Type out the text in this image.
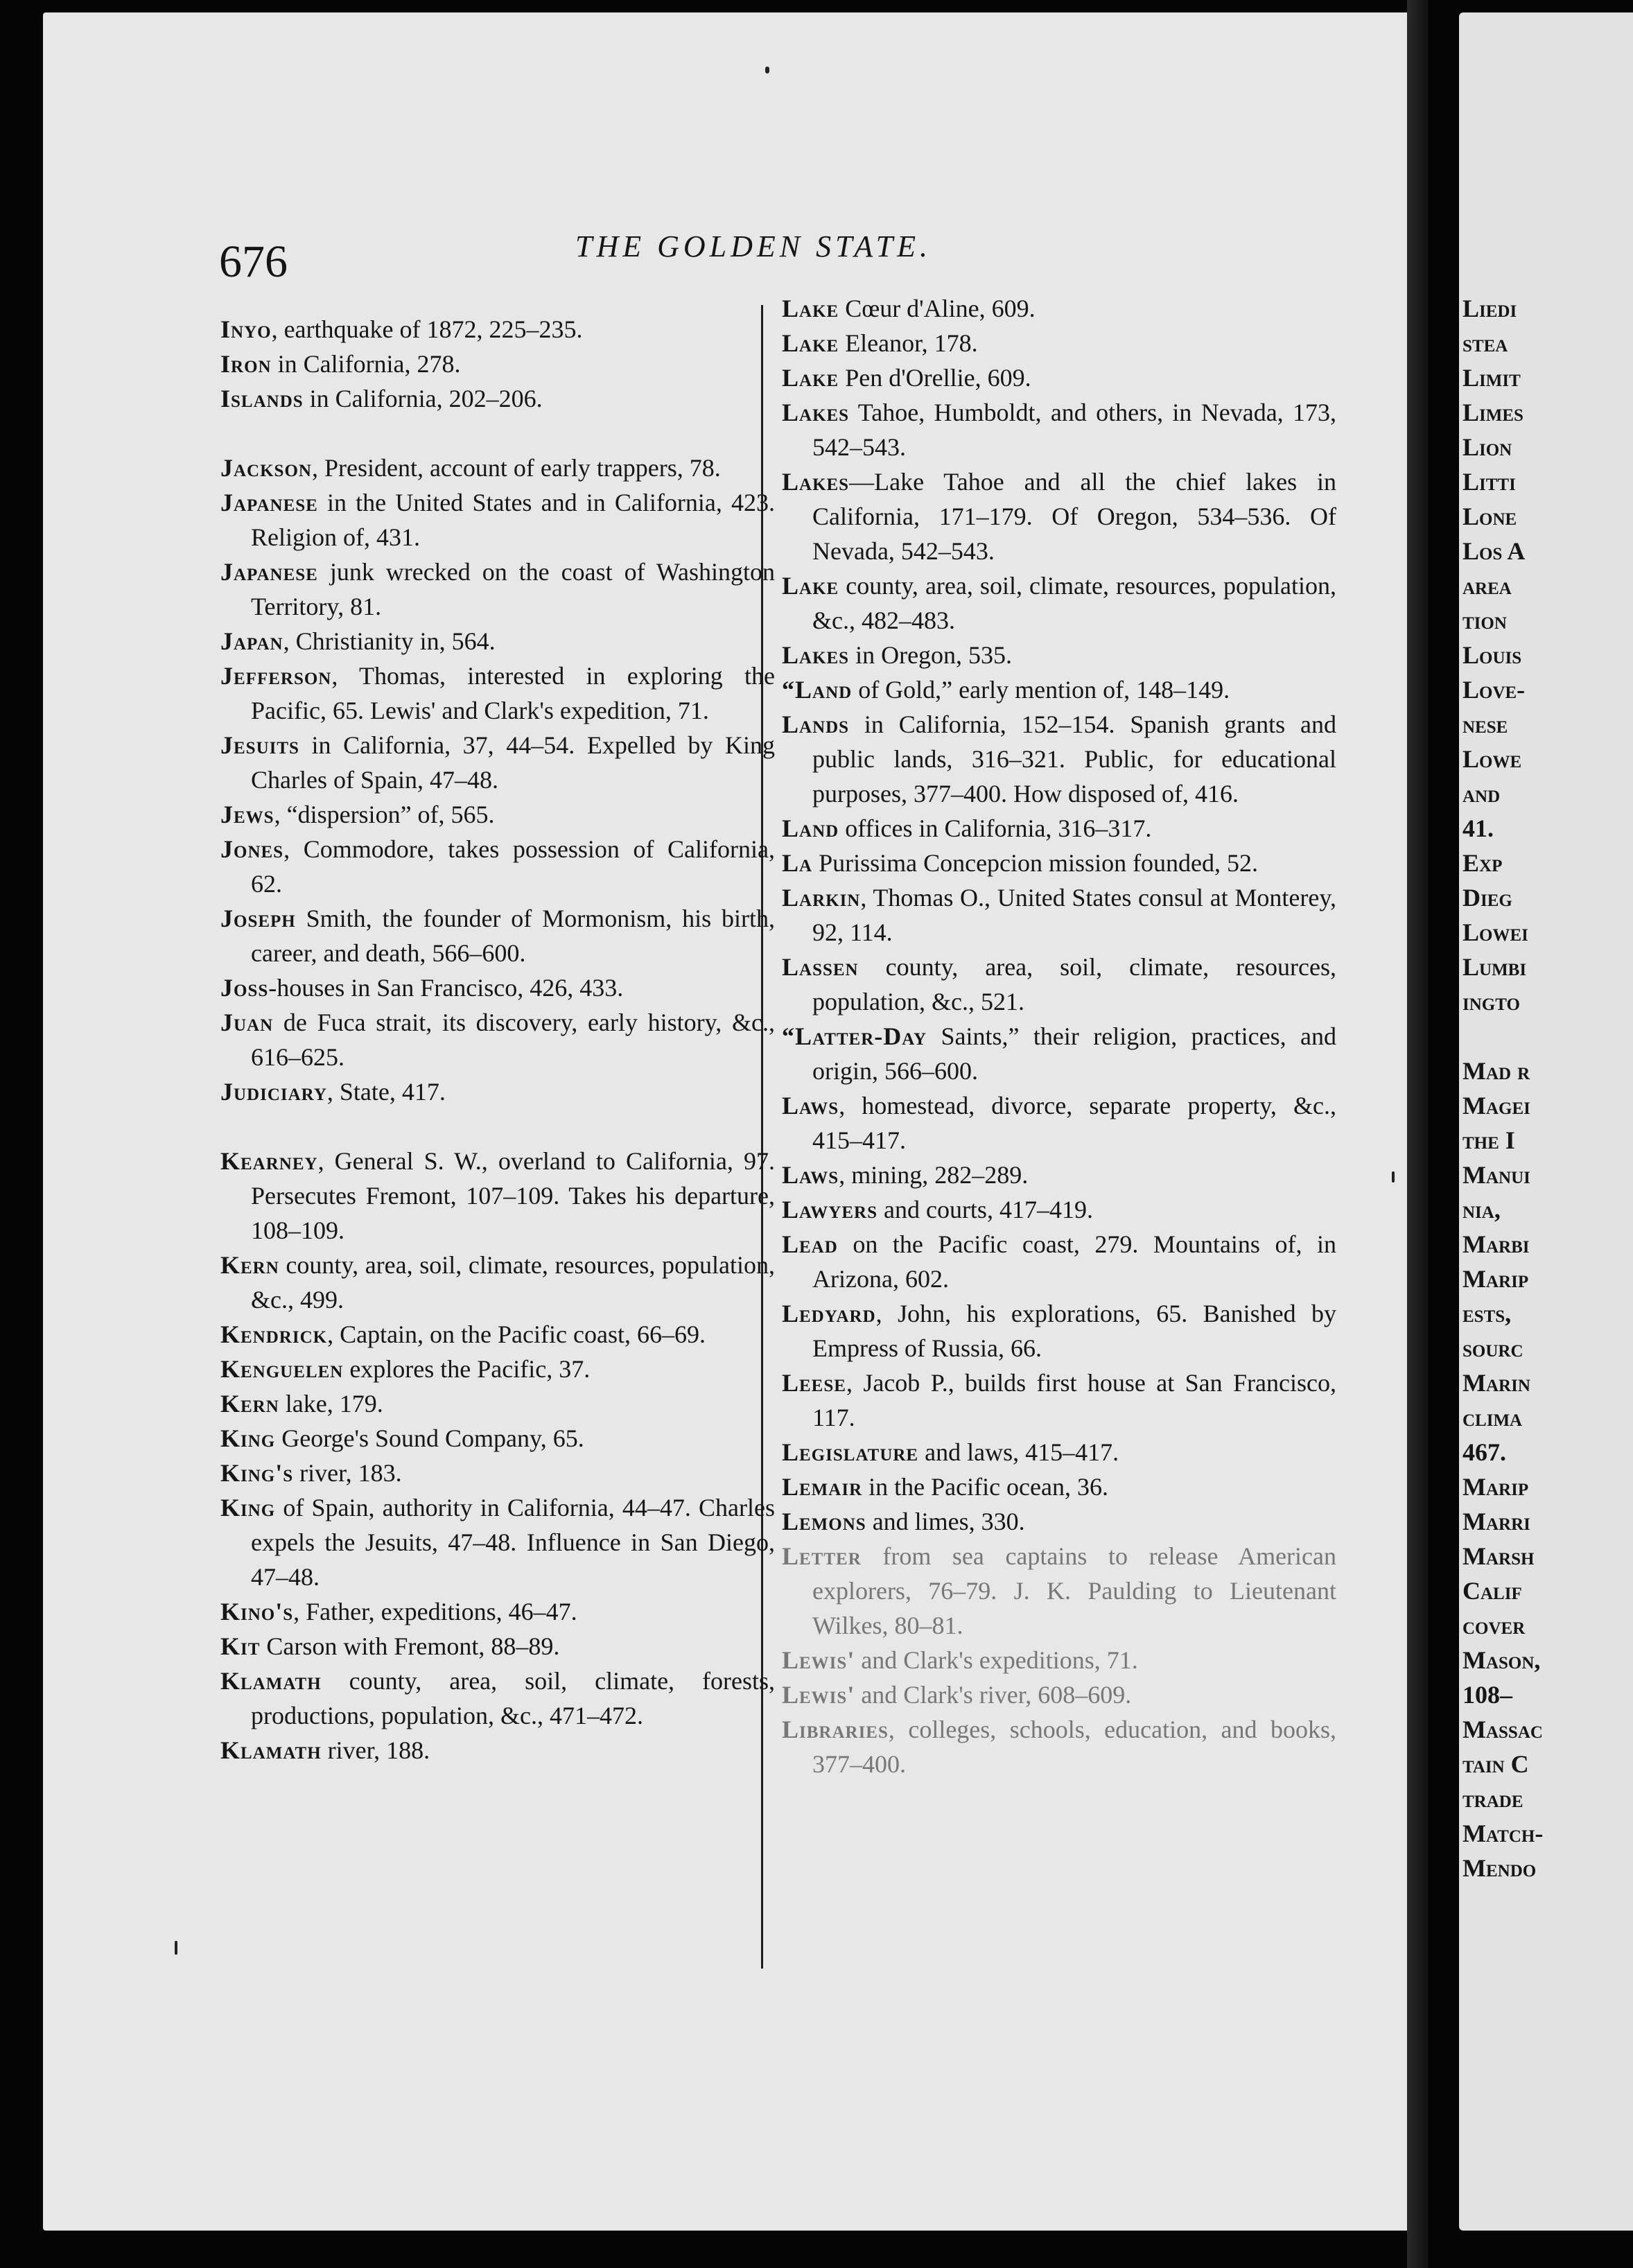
676	THE GOLDEN STATE.

Inyo, earthquake of 1872, 225–235.

Iron in California, 278.

Islands in California, 202–206.

Jackson, President, account of early trappers, 78.

Japanese in the United States and in California, 423. Religion of, 431.

Japanese junk wrecked on the coast of Washington Territory, 81.

Japan, Christianity in, 564.

Jefferson, Thomas, interested in exploring the Pacific, 65. Lewis' and Clark's expedition, 71.

Jesuits in California, 37, 44–54. Expelled by King Charles of Spain, 47–48.

Jews, “dispersion” of, 565.

Jones, Commodore, takes possession of California, 62.

Joseph Smith, the founder of Mormonism, his birth, career, and death, 566–600.

Joss-houses in San Francisco, 426, 433.

Juan de Fuca strait, its discovery, early history, &c., 616–625.

Judiciary, State, 417.

Kearney, General S. W., overland to California, 97. Persecutes Fremont, 107–109. Takes his departure, 108–109.

Kern county, area, soil, climate, resources, population, &c., 499.

Kendrick, Captain, on the Pacific coast, 66–69.

Kenguelen explores the Pacific, 37.

Kern lake, 179.

King George's Sound Company, 65.

King's river, 183.

King of Spain, authority in California, 44–47. Charles expels the Jesuits, 47–48. Influence in San Diego, 47–48.

Kino's, Father, expeditions, 46–47.

Kit Carson with Fremont, 88–89.

Klamath county, area, soil, climate, forests, productions, population, &c., 471–472.

Klamath river, 188.

Lake Cœur d'Aline, 609.

Lake Eleanor, 178.

Lake Pen d'Orellie, 609.

Lakes Tahoe, Humboldt, and others, in Nevada, 173, 542–543.

Lakes—Lake Tahoe and all the chief lakes in California, 171–179. Of Oregon, 534–536. Of Nevada, 542–543.

Lake county, area, soil, climate, resources, population, &c., 482–483.

Lakes in Oregon, 535.

“Land of Gold,” early mention of, 148–149.

Lands in California, 152–154. Spanish grants and public lands, 316–321. Public, for educational purposes, 377–400. How disposed of, 416.

Land offices in California, 316–317.

La Purissima Concepcion mission founded, 52.

Larkin, Thomas O., United States consul at Monterey, 92, 114.

Lassen county, area, soil, climate, resources, population, &c., 521.

“Latter-Day Saints,” their religion, practices, and origin, 566–600.

Laws, homestead, divorce, separate property, &c., 415–417.

Laws, mining, 282–289.

Lawyers and courts, 417–419.

Lead on the Pacific coast, 279. Mountains of, in Arizona, 602.

Ledyard, John, his explorations, 65. Banished by Empress of Russia, 66.

Leese, Jacob P., builds first house at San Francisco, 117.

Legislature and laws, 415–417.

Lemair in the Pacific ocean, 36.

Lemons and limes, 330.

Letter from sea captains to release American explorers, 76–79. J. K. Paulding to Lieutenant Wilkes, 80–81.

Lewis' and Clark's expeditions, 71.

Lewis' and Clark's river, 608–609.

Libraries, colleges, schools, education, and books, 377–400.

Liedi
stea
Limit
Limes
Lion
Litti
Lone
Los A
area
tion
Louis
Love-
nese
Lowe
and
41.
Exp
Dieg
Lowei
Lumbi
ingto
Mad r
Magei
the I
Manui
nia,
Marbi
Marip
ests,
sourc
Marin
clima
467.
Marip
Marri
Marsh
Calif
cover
Mason,
108–
Massac
tain C
trade
Match-
Mendo
